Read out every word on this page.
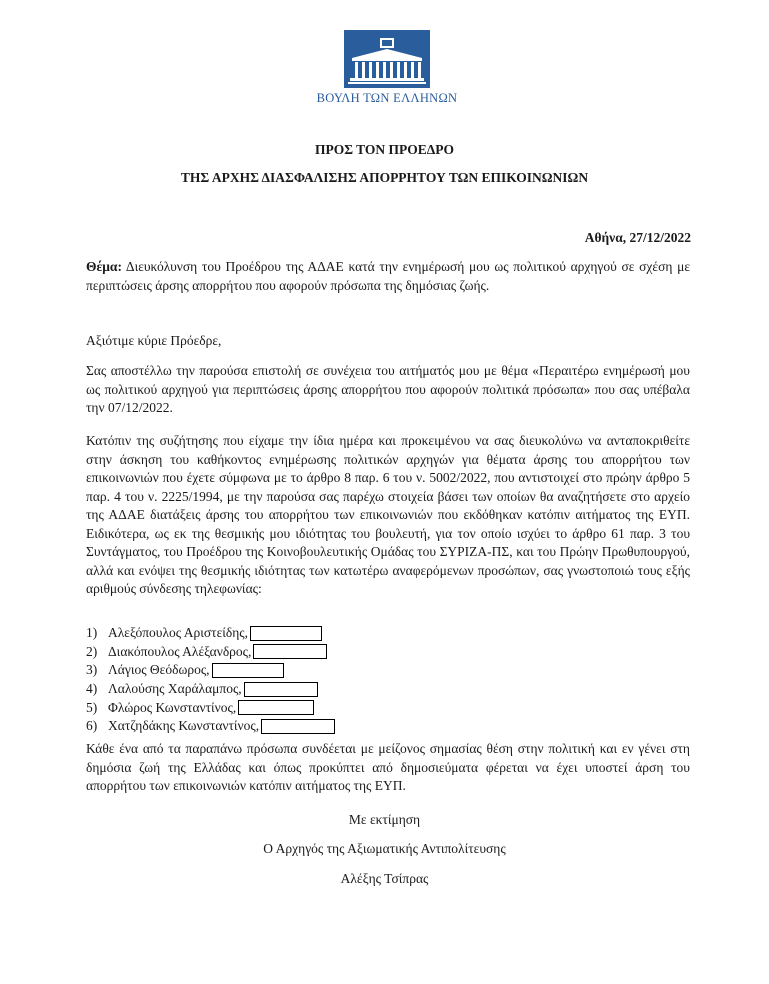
ΒΟΥΛΗ ΤΩΝ ΕΛΛΗΝΩΝ
ΠΡΟΣ ΤΟΝ ΠΡΟΕΔΡΟ
ΤΗΣ ΑΡΧΗΣ ΔΙΑΣΦΑΛΙΣΗΣ ΑΠΟΡΡΗΤΟΥ ΤΩΝ ΕΠΙΚΟΙΝΩΝΙΩΝ
Αθήνα, 27/12/2022
Θέμα: Διευκόλυνση του Προέδρου της ΑΔΑΕ κατά την ενημέρωσή μου ως πολιτικού αρχηγού σε σχέση με περιπτώσεις άρσης απορρήτου που αφορούν πρόσωπα της δημόσιας ζωής.
Αξιότιμε κύριε Πρόεδρε,
Σας αποστέλλω την παρούσα επιστολή σε συνέχεια του αιτήματός μου με θέμα «Περαιτέρω ενημέρωσή μου ως πολιτικού αρχηγού για περιπτώσεις άρσης απορρήτου που αφορούν πολιτικά πρόσωπα» που σας υπέβαλα την 07/12/2022.
Κατόπιν της συζήτησης που είχαμε την ίδια ημέρα και προκειμένου να σας διευκολύνω να ανταποκριθείτε στην άσκηση του καθήκοντος ενημέρωσης πολιτικών αρχηγών για θέματα άρσης του απορρήτου των επικοινωνιών που έχετε σύμφωνα με το άρθρο 8 παρ. 6 του ν. 5002/2022, που αντιστοιχεί στο πρώην άρθρο 5 παρ. 4 του ν. 2225/1994, με την παρούσα σας παρέχω στοιχεία βάσει των οποίων θα αναζητήσετε στο αρχείο της ΑΔΑΕ διατάξεις άρσης του απορρήτου των επικοινωνιών που εκδόθηκαν κατόπιν αιτήματος της ΕΥΠ. Ειδικότερα, ως εκ της θεσμικής μου ιδιότητας του βουλευτή, για τον οποίο ισχύει το άρθρο 61 παρ. 3 του Συντάγματος, του Προέδρου της Κοινοβουλευτικής Ομάδας του ΣΥΡΙΖΑ-ΠΣ, και του Πρώην Πρωθυπουργού, αλλά και ενόψει της θεσμικής ιδιότητας των κατωτέρω αναφερόμενων προσώπων, σας γνωστοποιώ τους εξής αριθμούς σύνδεσης τηλεφωνίας:
1) Αλεξόπουλος Αριστείδης,
2) Διακόπουλος Αλέξανδρος,
3) Λάγιος Θεόδωρος,
4) Λαλούσης Χαράλαμπος,
5) Φλώρος Κωνσταντίνος,
6) Χατζηδάκης Κωνσταντίνος,
Κάθε ένα από τα παραπάνω πρόσωπα συνδέεται με μείζονος σημασίας θέση στην πολιτική και εν γένει στη δημόσια ζωή της Ελλάδας και όπως προκύπτει από δημοσιεύματα φέρεται να έχει υποστεί άρση του απορρήτου των επικοινωνιών κατόπιν αιτήματος της ΕΥΠ.
Με εκτίμηση
Ο Αρχηγός της Αξιωματικής Αντιπολίτευσης
Αλέξης Τσίπρας
